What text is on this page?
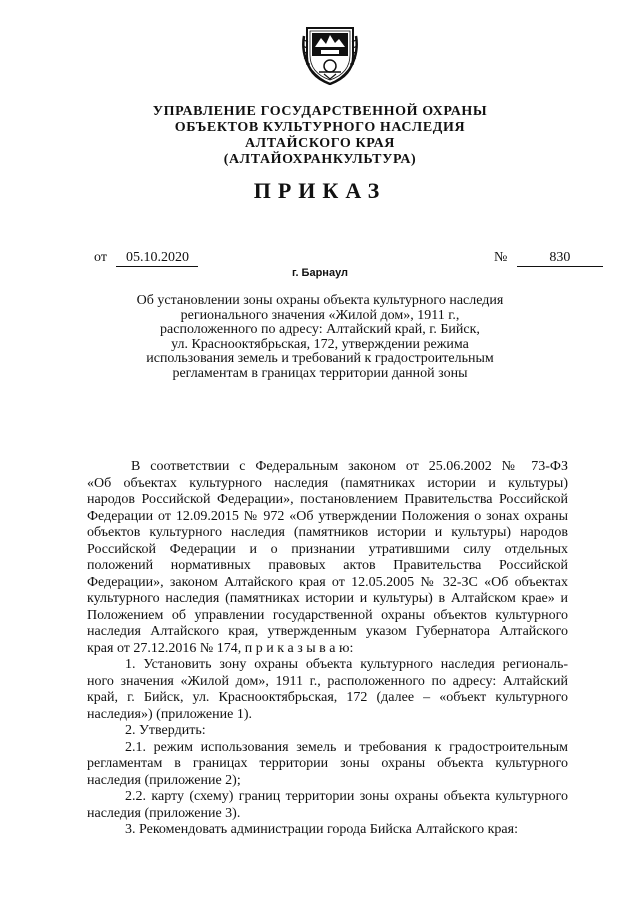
УПРАВЛЕНИЕ ГОСУДАРСТВЕННОЙ ОХРАНЫ
ОБЪЕКТОВ КУЛЬТУРНОГО НАСЛЕДИЯ
АЛТАЙСКОГО КРАЯ
(АЛТАЙОХРАНКУЛЬТУРА)
ПРИКАЗ
от 05.10.2020	№	830
г. Барнаул
Об установлении зоны охраны объекта культурного наследия
регионального значения «Жилой дом», 1911 г.,
расположенного по адресу: Алтайский край, г. Бийск,
ул. Краснооктябрьская, 172, утверждении режима
использования земель и требований к градостроительным
регламентам в границах территории данной зоны
В соответствии с Федеральным законом от 25.06.2002 № 73-ФЗ
«Об объектах культурного наследия (памятниках истории и культуры)
народов Российской Федерации», постановлением Правительства Российской
Федерации от 12.09.2015 № 972 «Об утверждении Положения о зонах охраны
объектов культурного наследия (памятников истории и культуры) народов
Российской Федерации и о признании утратившими силу отдельных
положений нормативных правовых актов Правительства Российской
Федерации», законом Алтайского края от 12.05.2005 № 32-ЗС «Об объектах
культурного наследия (памятниках истории и культуры) в Алтайском крае» и
Положением об управлении государственной охраны объектов культурного
наследия Алтайского края, утвержденным указом Губернатора Алтайского
края от 27.12.2016 № 174, п р и к а з ы в а ю:
1. Установить зону охраны объекта культурного наследия региональ-
ного значения «Жилой дом», 1911 г., расположенного по адресу: Алтайский
край, г. Бийск, ул. Краснооктябрьская, 172 (далее – «объект культурного
наследия») (приложение 1).
2. Утвердить:
2.1. режим использования земель и требования к градостроительным
регламентам в границах территории зоны охраны объекта культурного
наследия (приложение 2);
2.2. карту (схему) границ территории зоны охраны объекта культурного
наследия (приложение 3).
3. Рекомендовать администрации города Бийска Алтайского края:
